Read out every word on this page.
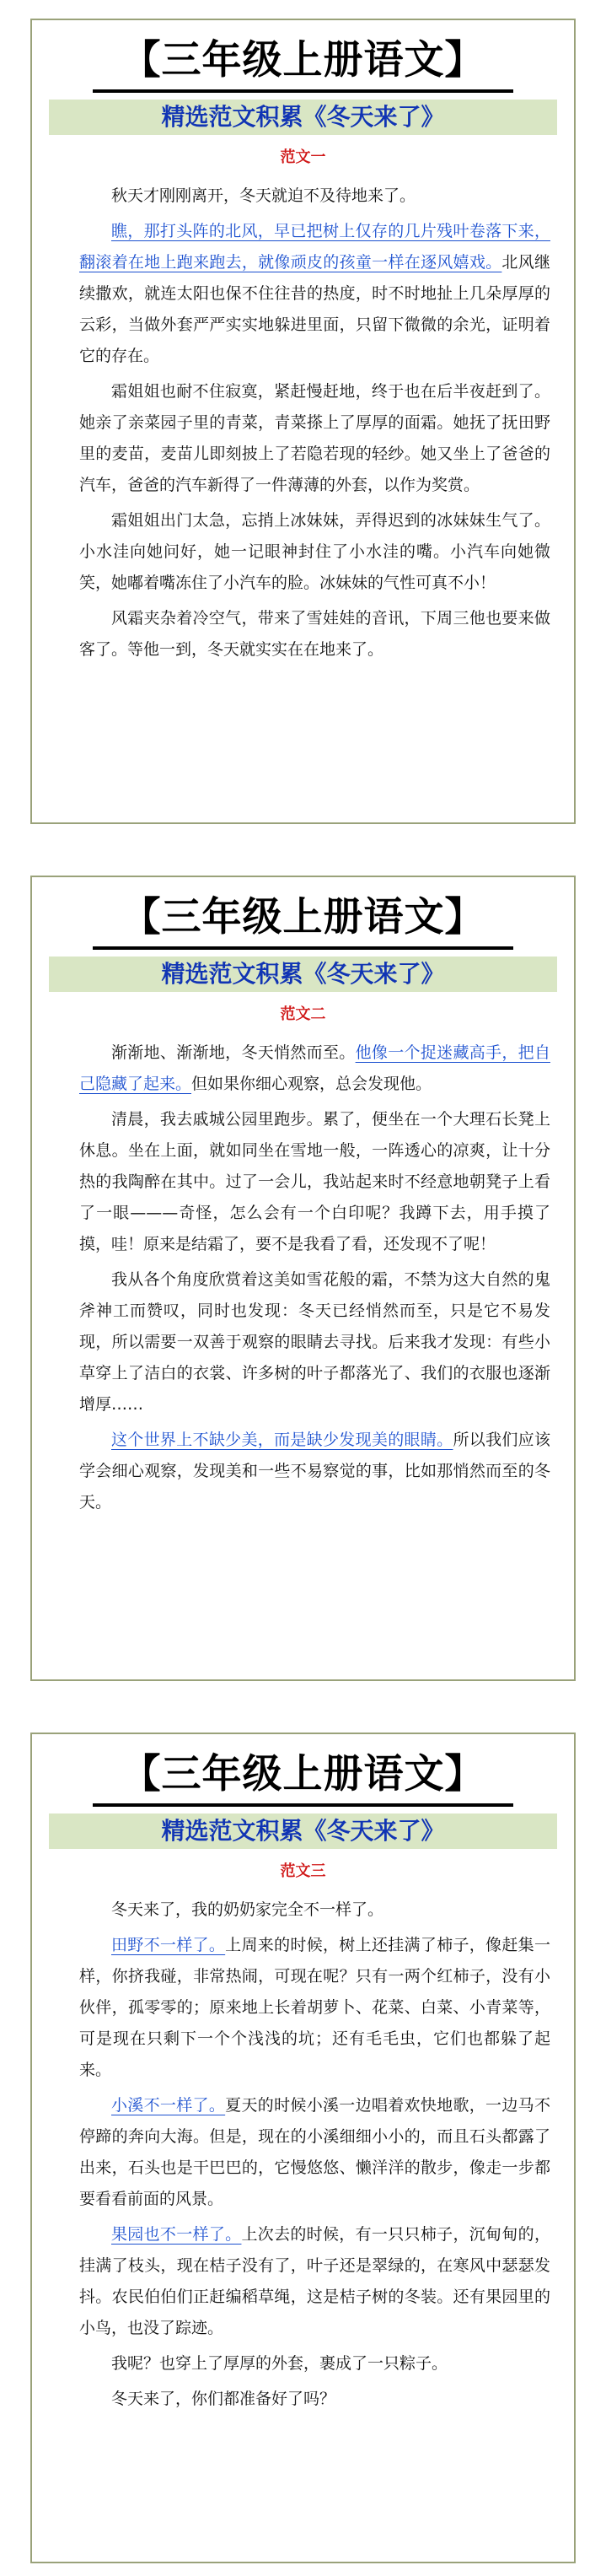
【三年级上册语文】
精选范文积累《冬天来了》
范文一

秋天才刚刚离开，冬天就迫不及待地来了。

瞧，那打头阵的北风，早已把树上仅存的几片残叶卷落下来，翻滚着在地上跑来跑去，就像顽皮的孩童一样在逐风嬉戏。北风继续撒欢，就连太阳也保不住往昔的热度，时不时地扯上几朵厚厚的云彩，当做外套严严实实地躲进里面，只留下微微的余光，证明着它的存在。

霜姐姐也耐不住寂寞，紧赶慢赶地，终于也在后半夜赶到了。她亲了亲菜园子里的青菜，青菜搽上了厚厚的面霜。她抚了抚田野里的麦苗，麦苗儿即刻披上了若隐若现的轻纱。她又坐上了爸爸的汽车，爸爸的汽车新得了一件薄薄的外套，以作为奖赏。

霜姐姐出门太急，忘捎上冰妹妹，弄得迟到的冰妹妹生气了。小水洼向她问好，她一记眼神封住了小水洼的嘴。小汽车向她微笑，她嘟着嘴冻住了小汽车的脸。冰妹妹的气性可真不小！

风霜夹杂着冷空气，带来了雪娃娃的音讯，下周三他也要来做客了。等他一到，冬天就实实在在地来了。

【三年级上册语文】
精选范文积累《冬天来了》
范文二

渐渐地、渐渐地，冬天悄然而至。他像一个捉迷藏高手，把自己隐藏了起来。但如果你细心观察，总会发现他。

清晨，我去戚城公园里跑步。累了，便坐在一个大理石长凳上休息。坐在上面，就如同坐在雪地一般，一阵透心的凉爽，让十分热的我陶醉在其中。过了一会儿，我站起来时不经意地朝凳子上看了一眼———奇怪，怎么会有一个白印呢？我蹲下去，用手摸了摸，哇！原来是结霜了，要不是我看了看，还发现不了呢！

我从各个角度欣赏着这美如雪花般的霜，不禁为这大自然的鬼斧神工而赞叹，同时也发现：冬天已经悄然而至，只是它不易发现，所以需要一双善于观察的眼睛去寻找。后来我才发现：有些小草穿上了洁白的衣裳、许多树的叶子都落光了、我们的衣服也逐渐增厚……

这个世界上不缺少美，而是缺少发现美的眼睛。所以我们应该学会细心观察，发现美和一些不易察觉的事，比如那悄然而至的冬天。

【三年级上册语文】
精选范文积累《冬天来了》
范文三

冬天来了，我的奶奶家完全不一样了。

田野不一样了。上周来的时候，树上还挂满了柿子，像赶集一样，你挤我碰，非常热闹，可现在呢？只有一两个红柿子，没有小伙伴，孤零零的；原来地上长着胡萝卜、花菜、白菜、小青菜等，可是现在只剩下一个个浅浅的坑；还有毛毛虫，它们也都躲了起来。

小溪不一样了。夏天的时候小溪一边唱着欢快地歌，一边马不停蹄的奔向大海。但是，现在的小溪细细小小的，而且石头都露了出来，石头也是干巴巴的，它慢悠悠、懒洋洋的散步，像走一步都要看看前面的风景。

果园也不一样了。上次去的时候，有一只只柿子，沉甸甸的，挂满了枝头，现在桔子没有了，叶子还是翠绿的，在寒风中瑟瑟发抖。农民伯伯们正赶编稻草绳，这是桔子树的冬装。还有果园里的小鸟，也没了踪迹。

我呢？也穿上了厚厚的外套，裹成了一只粽子。

冬天来了，你们都准备好了吗？
